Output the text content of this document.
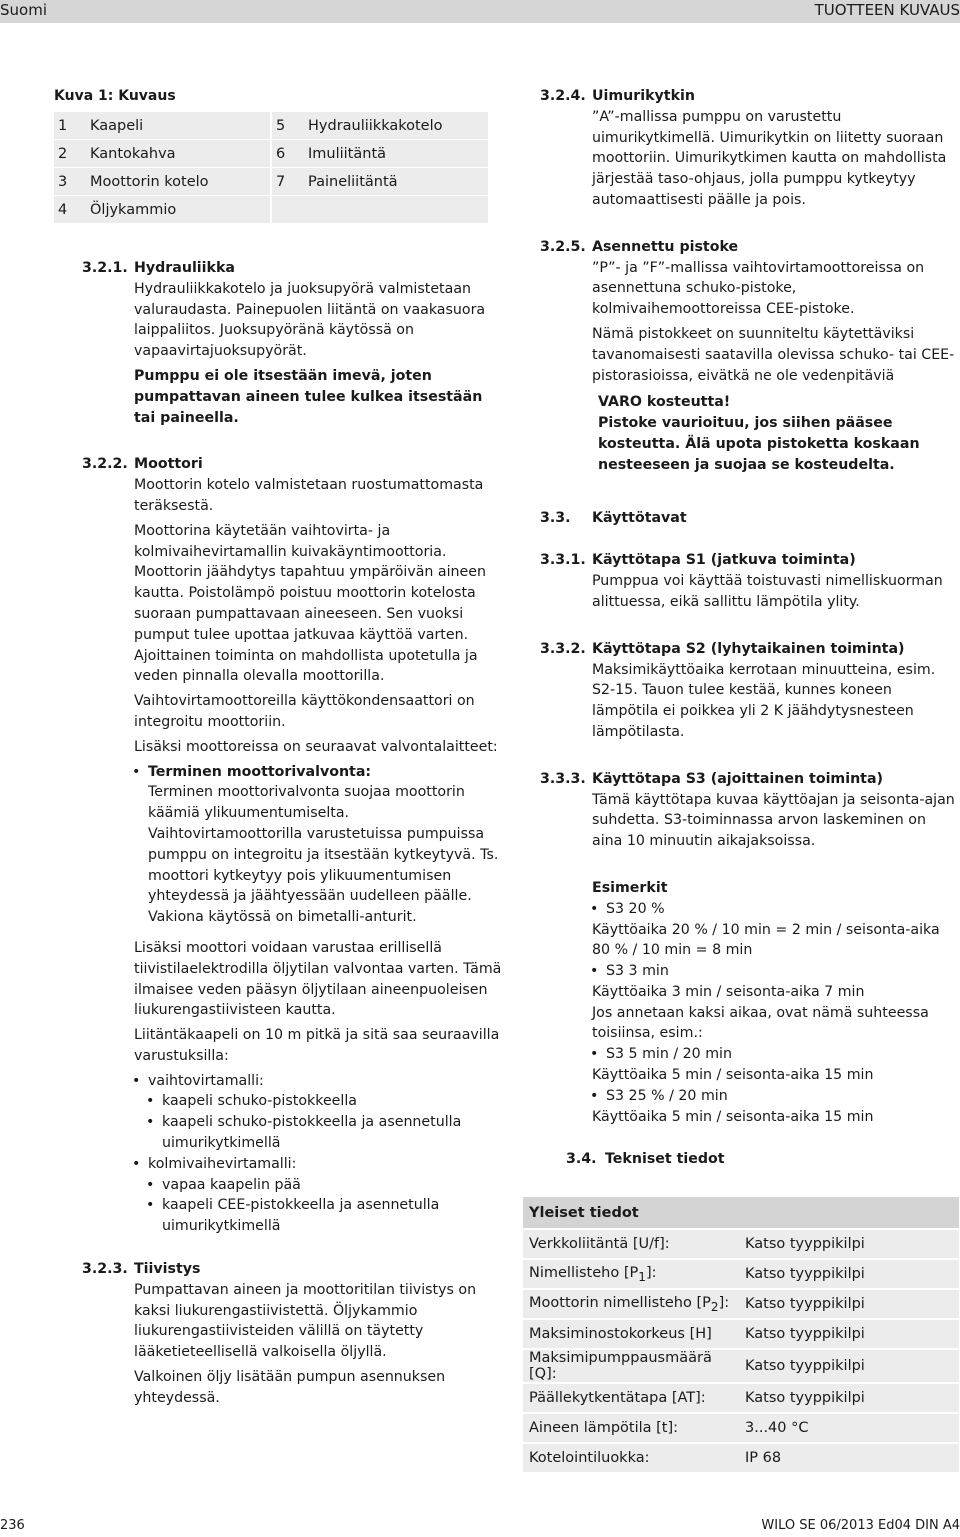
Suomi	TUOTTEEN KUVAUS
Kuva 1: Kuvaus
1	Kaapeli	5	Hydrauliikkakotelo
2	Kantokahva	6	Imuliitäntä
3	Moottorin kotelo	7	Paineliitäntä
4	Öljykammio		
3.2.1. Hydrauliikka

Hydrauliikkakotelo ja juoksupyörä valmistetaan valuraudasta. Painepuolen liitäntä on vaakasuora laippaliitos. Juoksupyöränä käytössä on vapaavirtajuoksupyörät.

Pumppu ei ole itsestään imevä, joten pumpattavan aineen tulee kulkea itsestään tai paineella.

3.2.2. Moottori

Moottorin kotelo valmistetaan ruostumattomasta teräksestä.

Moottorina käytetään vaihtovirta- ja kolmivaihevirtamallin kuivakäyntimoottoria. Moottorin jäähdytys tapahtuu ympäröivän aineen kautta. Poistolämpö poistuu moottorin kotelosta suoraan pumpattavaan aineeseen. Sen vuoksi pumput tulee upottaa jatkuvaa käyttöä varten. Ajoittainen toiminta on mahdollista upotetulla ja veden pinnalla olevalla moottorilla.

Vaihtovirtamoottoreilla käyttökondensaattori on integroitu moottoriin.

Lisäksi moottoreissa on seuraavat valvontalaitteet:

• Terminen moottorivalvonta:
Terminen moottorivalvonta suojaa moottorin käämiä ylikuumentumiselta. Vaihtovirtamoottorilla varustetuissa pumpuissa pumppu on integroitu ja itsestään kytkeytyvä. Ts. moottori kytkeytyy pois ylikuumentumisen yhteydessä ja jäähtyessään uudelleen päälle. Vakiona käytössä on bimetalli-anturit.

Lisäksi moottori voidaan varustaa erillisellä tiivistilaelektrodilla öljytilan valvontaa varten. Tämä ilmaisee veden pääsyn öljytilaan aineenpuoleisen liukurengastiivisteen kautta.

Liitäntäkaapeli on 10 m pitkä ja sitä saa seuraavilla varustuksilla:

• vaihtovirtamalli:
• kaapeli schuko-pistokkeella
• kaapeli schuko-pistokkeella ja asennetulla uimurikytkimellä
• kolmivaihevirtamalli:
• vapaa kaapelin pää
• kaapeli CEE-pistokkeella ja asennetulla uimurikytkimellä
3.2.3. Tiivistys

Pumpattavan aineen ja moottoritilan tiivistys on kaksi liukurengastiivistettä. Öljykammio liukurengastiivisteiden välillä on täytetty lääketieteellisellä valkoisella öljyllä.

Valkoinen öljy lisätään pumpun asennuksen yhteydessä.

3.2.4. Uimurikytkin

”A”-mallissa pumppu on varustettu uimurikytkimellä. Uimurikytkin on liitetty suoraan moottoriin. Uimurikytkimen kautta on mahdollista järjestää taso-ohjaus, jolla pumppu kytkeytyy automaattisesti päälle ja pois.

3.2.5. Asennettu pistoke

”P”- ja ”F”-mallissa vaihtovirtamoottoreissa on asennettuna schuko-pistoke, kolmivaihemoottoreissa CEE-pistoke.

Nämä pistokkeet on suunniteltu käytettäviksi tavanomaisesti saatavilla olevissa schuko- tai CEE-pistorasioissa, eivätkä ne ole vedenpitäviä

VARO kosteutta!
Pistoke vaurioituu, jos siihen pääsee kosteutta. Älä upota pistoketta koskaan nesteeseen ja suojaa se kosteudelta.
3.3. Käyttötavat
3.3.1. Käyttötapa S1 (jatkuva toiminta)

Pumppua voi käyttää toistuvasti nimelliskuorman alittuessa, eikä sallittu lämpötila ylity.

3.3.2. Käyttötapa S2 (lyhytaikainen toiminta)

Maksimikäyttöaika kerrotaan minuutteina, esim. S2-15. Tauon tulee kestää, kunnes koneen lämpötila ei poikkea yli 2 K jäähdytysnesteen lämpötilasta.

3.3.3. Käyttötapa S3 (ajoittainen toiminta)

Tämä käyttötapa kuvaa käyttöajan ja seisonta-ajan suhdetta. S3-toiminnassa arvon laskeminen on aina 10 minuutin aikajaksoissa.

Esimerkit
• S3 20 %
Käyttöaika 20 % / 10 min = 2 min / seisonta-aika 80 % / 10 min = 8 min
• S3 3 min
Käyttöaika 3 min / seisonta-aika 7 min
Jos annetaan kaksi aikaa, ovat nämä suhteessa toisiinsa, esim.:
• S3 5 min / 20 min
Käyttöaika 5 min / seisonta-aika 15 min
• S3 25 % / 20 min
Käyttöaika 5 min / seisonta-aika 15 min
3.4. Tekniset tiedot
Yleiset tiedot	
Verkkoliitäntä [U/f]:	Katso tyyppikilpi
Nimellisteho $[P_1]$:	Katso tyyppikilpi
Moottorin nimellisteho $[P_2]$:	Katso tyyppikilpi
Maksiminostokorkeus [H]	Katso tyyppikilpi
Maksimipumppausmäärä [Q]:	Katso tyyppikilpi
Päällekytkentätapa [AT]:	Katso tyyppikilpi
Aineen lämpötila [t]:	3...40 °C
Kotelointiluokka:	IP 68
236	WILO SE 06/2013 Ed04 DIN A4
